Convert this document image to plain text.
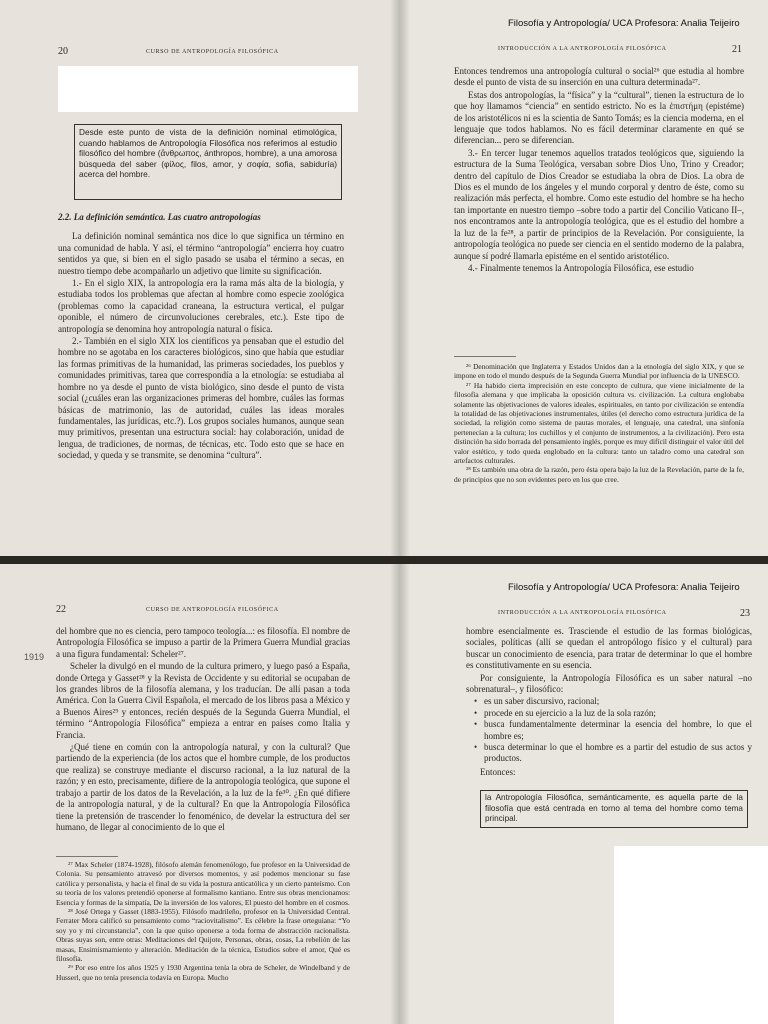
20	CURSO DE ANTROPOLOGÍA FILOSÓFICA
Desde este punto de vista de la definición nominal etimológica, cuando hablamos de Antropología Filosófica nos referimos al estudio filosófico del hombre (ἄνθρωπος, ánthropos, hombre), a una amorosa búsqueda del saber (φίλος, filos, amor, y σοφία, sofia, sabiduría) acerca del hombre.

2.2. La definición semántica. Las cuatro antropologías

La definición nominal semántica nos dice lo que significa un término en una comunidad de habla. Y así, el término “antropología” encierra hoy cuatro sentidos ya que, si bien en el siglo pasado se usaba el término a secas, en nuestro tiempo debe acompañarlo un adjetivo que limite su significación.

1.- En el siglo XIX, la antropología era la rama más alta de la biología, y estudiaba todos los problemas que afectan al hombre como especie zoológica (problemas como la capacidad craneana, la estructura vertical, el pulgar oponible, el número de circunvoluciones cerebrales, etc.). Este tipo de antropología se denomina hoy antropología natural o física.

2.- También en el siglo XIX los científicos ya pensaban que el estudio del hombre no se agotaba en los caracteres biológicos, sino que había que estudiar las formas primitivas de la humanidad, las primeras sociedades, los pueblos y comunidades primitivas, tarea que correspondía a la etnología: se estudiaba al hombre no ya desde el punto de vista biológico, sino desde el punto de vista social (¿cuáles eran las organizaciones primeras del hombre, cuáles las formas básicas de matrimonio, las de autoridad, cuáles las ideas morales fundamentales, las jurídicas, etc.?). Los grupos sociales humanos, aunque sean muy primitivos, presentan una estructura social: hay colaboración, unidad de lengua, de tradiciones, de normas, de técnicas, etc. Todo esto que se hace en sociedad, y queda y se transmite, se denomina “cultura”.

Filosofía y Antropología/ UCA Profesora: Analia Teijeiro
INTRODUCCIÓN A LA ANTROPOLOGÍA FILOSÓFICA	21

Entonces tendremos una antropología cultural o social²⁶ que estudia al hombre desde el punto de vista de su inserción en una cultura determinada²⁷.

Estas dos antropologías, la “física” y la “cultural”, tienen la estructura de lo que hoy llamamos “ciencia” en sentido estricto. No es la ἐπιστήμη (epistéme) de los aristotélicos ni es la scientia de Santo Tomás; es la ciencia moderna, en el lenguaje que todos hablamos. No es fácil determinar claramente en qué se diferencian... pero se diferencian.

3.- En tercer lugar tenemos aquellos tratados teológicos que, siguiendo la estructura de la Suma Teológica, versaban sobre Dios Uno, Trino y Creador; dentro del capítulo de Dios Creador se estudiaba la obra de Dios. La obra de Dios es el mundo de los ángeles y el mundo corporal y dentro de éste, como su realización más perfecta, el hombre. Como este estudio del hombre se ha hecho tan importante en nuestro tiempo –sobre todo a partir del Concilio Vaticano II–, nos encontramos ante la antropología teológica, que es el estudio del hombre a la luz de la fe²⁸, a partir de principios de la Revelación. Por consiguiente, la antropología teológica no puede ser ciencia en el sentido moderno de la palabra, aunque sí podré llamarla epistéme en el sentido aristotélico.

4.- Finalmente tenemos la Antropología Filosófica, ese estudio

²⁶ Denominación que Inglaterra y Estados Unidos dan a la etnología del siglo XIX, y que se impone en todo el mundo después de la Segunda Guerra Mundial por influencia de la UNESCO.

²⁷ Ha habido cierta imprecisión en este concepto de cultura, que viene inicialmente de la filosofía alemana y que implicaba la oposición cultura vs. civilización. La cultura englobaba solamente las objetivaciones de valores ideales, espirituales, en tanto por civilización se entendía la totalidad de las objetivaciones instrumentales, útiles (el derecho como estructura jurídica de la sociedad, la religión como sistema de pautas morales, el lenguaje, una catedral, una sinfonía pertenecían a la cultura; los cuchillos y el conjunto de instrumentos, a la civilización). Pero esta distinción ha sido borrada del pensamiento inglés, porque es muy difícil distinguir el valor útil del valor estético, y todo queda englobado en la cultura: tanto un taladro como una catedral son artefactos culturales.

²⁸ Es también una obra de la razón, pero ésta opera bajo la luz de la Revelación, parte de la fe, de principios que no son evidentes pero en los que cree.

22	CURSO DE ANTROPOLOGÍA FILOSÓFICA
1919

del hombre que no es ciencia, pero tampoco teología...: es filosofía. El nombre de Antropología Filosófica se impuso a partir de la Primera Guerra Mundial gracias a una figura fundamental: Scheler²⁷.

Scheler la divulgó en el mundo de la cultura primero, y luego pasó a España, donde Ortega y Gasset²⁸ y la Revista de Occidente y su editorial se ocupaban de los grandes libros de la filosofía alemana, y los traducían. De allí pasan a toda América. Con la Guerra Civil Española, el mercado de los libros pasa a México y a Buenos Aires²⁹ y entonces, recién después de la Segunda Guerra Mundial, el término “Antropología Filosófica” empieza a entrar en países como Italia y Francia.

¿Qué tiene en común con la antropología natural, y con la cultural? Que partiendo de la experiencia (de los actos que el hombre cumple, de los productos que realiza) se construye mediante el discurso racional, a la luz natural de la razón; y en esto, precisamente, difiere de la antropología teológica, que supone el trabajo a partir de los datos de la Revelación, a la luz de la fe³⁰. ¿En qué difiere de la antropología natural, y de la cultural? En que la Antropología Filosófica tiene la pretensión de trascender lo fenoménico, de develar la estructura del ser humano, de llegar al conocimiento de lo que el

²⁷ Max Scheler (1874-1928), filósofo alemán fenomenólogo, fue profesor en la Universidad de Colonia. Su pensamiento atravesó por diversos momentos, y así podemos mencionar su fase católica y personalista, y hacia el final de su vida la postura anticatólica y un cierto panteísmo. Con su teoría de los valores pretendió oponerse al formalismo kantiano. Entre sus obras mencionamos: Esencia y formas de la simpatía, De la inversión de los valores, El puesto del hombre en el cosmos.

²⁸ José Ortega y Gasset (1883-1955). Filósofo madrileño, profesor en la Universidad Central. Ferrater Mora calificó su pensamiento como “raciovitalismo”. Es célebre la frase orteguiana: “Yo soy yo y mi circunstancia”, con la que quiso oponerse a toda forma de abstracción racionalista. Obras suyas son, entre otras: Meditaciones del Quijote, Personas, obras, cosas, La rebelión de las masas, Ensimismamiento y alteración. Meditación de la técnica, Estudios sobre el amor, Qué es filosofía.

²⁹ Por eso entre los años 1925 y 1930 Argentina tenía la obra de Scheler, de Windelband y de Husserl, que no tenía presencia todavía en Europa. Mucho

Filosofía y Antropología/ UCA Profesora: Analia Teijeiro
INTRODUCCIÓN A LA ANTROPOLOGÍA FILOSÓFICA	23

hombre esencialmente es. Trasciende el estudio de las formas biológicas, sociales, políticas (allí se quedan el antropólogo físico y el cultural) para buscar un conocimiento de esencia, para tratar de determinar lo que el hombre es constitutivamente en su esencia.

Por consiguiente, la Antropología Filosófica es un saber natural –no sobrenatural–, y filosófico:

• es un saber discursivo, racional;
• procede en su ejercicio a la luz de la sola razón;
• busca fundamentalmente determinar la esencia del hombre, lo que el hombre es;
• busca determinar lo que el hombre es a partir del estudio de sus actos y productos.

Entonces:

la Antropología Filosófica, semánticamente, es aquella parte de la filosofía que está centrada en torno al tema del hombre como tema principal.
